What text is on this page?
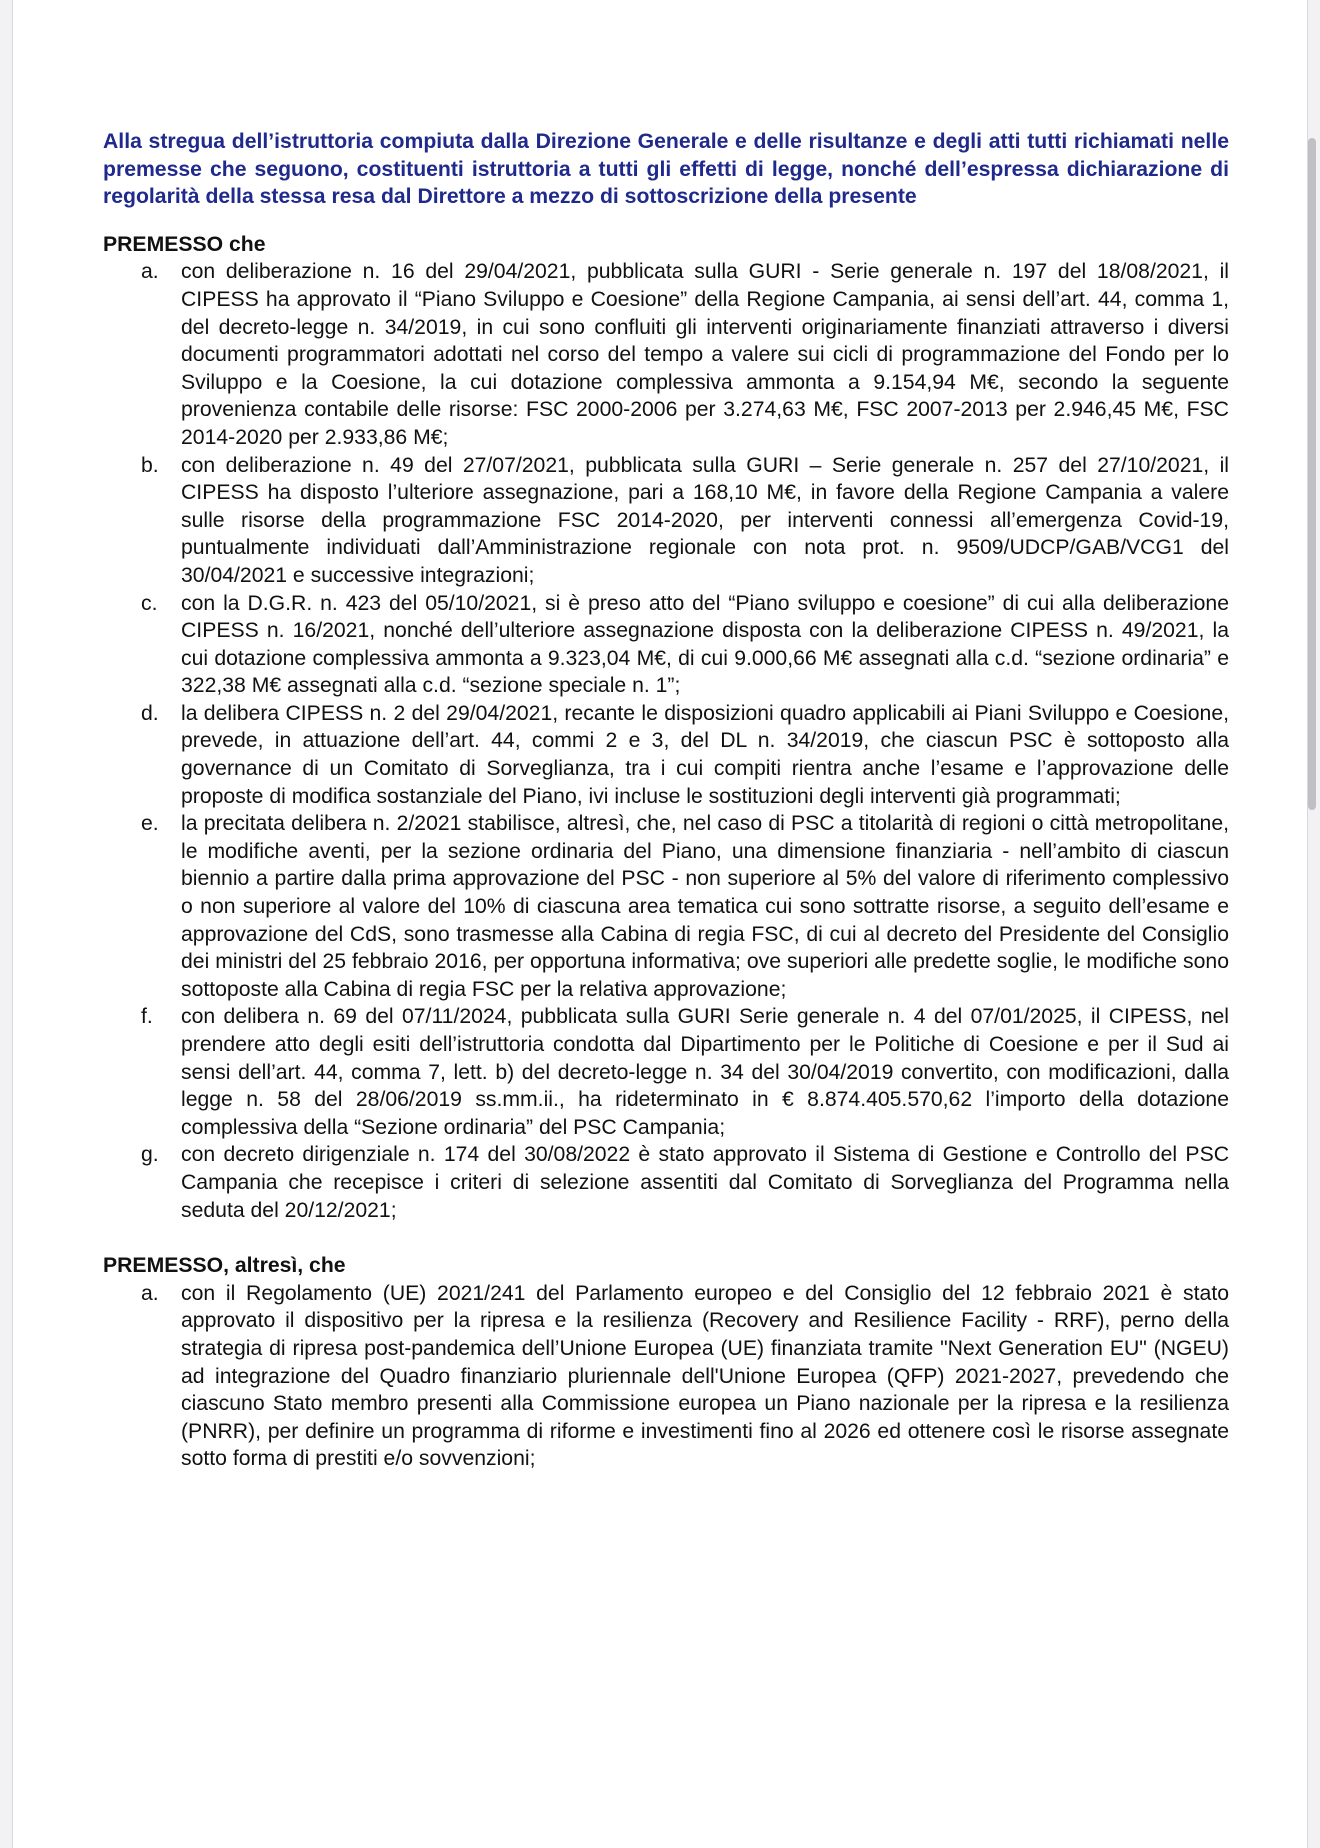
Alla stregua dell’istruttoria compiuta dalla Direzione Generale e delle risultanze e degli atti tutti richiamati nelle premesse che seguono, costituenti istruttoria a tutti gli effetti di legge, nonché dell’espressa dichiarazione di regolarità della stessa resa dal Direttore a mezzo di sottoscrizione della presente

PREMESSO che

a. con deliberazione n. 16 del 29/04/2021, pubblicata sulla GURI - Serie generale n. 197 del 18/08/2021, il CIPESS ha approvato il “Piano Sviluppo e Coesione” della Regione Campania, ai sensi dell’art. 44, comma 1, del decreto-legge n. 34/2019, in cui sono confluiti gli interventi originariamente finanziati attraverso i diversi documenti programmatori adottati nel corso del tempo a valere sui cicli di programmazione del Fondo per lo Sviluppo e la Coesione, la cui dotazione complessiva ammonta a 9.154,94 M€, secondo la seguente provenienza contabile delle risorse: FSC 2000-2006 per 3.274,63 M€, FSC 2007-2013 per 2.946,45 M€, FSC 2014-2020 per 2.933,86 M€;
b. con deliberazione n. 49 del 27/07/2021, pubblicata sulla GURI – Serie generale n. 257 del 27/10/2021, il CIPESS ha disposto l’ulteriore assegnazione, pari a 168,10 M€, in favore della Regione Campania a valere sulle risorse della programmazione FSC 2014-2020, per interventi connessi all’emergenza Covid-19, puntualmente individuati dall’Amministrazione regionale con nota prot. n. 9509/UDCP/GAB/VCG1 del 30/04/2021 e successive integrazioni;
c. con la D.G.R. n. 423 del 05/10/2021, si è preso atto del “Piano sviluppo e coesione” di cui alla deliberazione CIPESS n. 16/2021, nonché dell’ulteriore assegnazione disposta con la deliberazione CIPESS n. 49/2021, la cui dotazione complessiva ammonta a 9.323,04 M€, di cui 9.000,66 M€ assegnati alla c.d. “sezione ordinaria” e 322,38 M€ assegnati alla c.d. “sezione speciale n. 1”;
d. la delibera CIPESS n. 2 del 29/04/2021, recante le disposizioni quadro applicabili ai Piani Sviluppo e Coesione, prevede, in attuazione dell’art. 44, commi 2 e 3, del DL n. 34/2019, che ciascun PSC è sottoposto alla governance di un Comitato di Sorveglianza, tra i cui compiti rientra anche l’esame e l’approvazione delle proposte di modifica sostanziale del Piano, ivi incluse le sostituzioni degli interventi già programmati;
e. la precitata delibera n. 2/2021 stabilisce, altresì, che, nel caso di PSC a titolarità di regioni o città metropolitane, le modifiche aventi, per la sezione ordinaria del Piano, una dimensione finanziaria - nell’ambito di ciascun biennio a partire dalla prima approvazione del PSC - non superiore al 5% del valore di riferimento complessivo o non superiore al valore del 10% di ciascuna area tematica cui sono sottratte risorse, a seguito dell’esame e approvazione del CdS, sono trasmesse alla Cabina di regia FSC, di cui al decreto del Presidente del Consiglio dei ministri del 25 febbraio 2016, per opportuna informativa; ove superiori alle predette soglie, le modifiche sono sottoposte alla Cabina di regia FSC per la relativa approvazione;
f. con delibera n. 69 del 07/11/2024, pubblicata sulla GURI Serie generale n. 4 del 07/01/2025, il CIPESS, nel prendere atto degli esiti dell’istruttoria condotta dal Dipartimento per le Politiche di Coesione e per il Sud ai sensi dell’art. 44, comma 7, lett. b) del decreto-legge n. 34 del 30/04/2019 convertito, con modificazioni, dalla legge n. 58 del 28/06/2019 ss.mm.ii., ha rideterminato in € 8.874.405.570,62 l’importo della dotazione complessiva della “Sezione ordinaria” del PSC Campania;
g. con decreto dirigenziale n. 174 del 30/08/2022 è stato approvato il Sistema di Gestione e Controllo del PSC Campania che recepisce i criteri di selezione assentiti dal Comitato di Sorveglianza del Programma nella seduta del 20/12/2021;

PREMESSO, altresì, che

a. con il Regolamento (UE) 2021/241 del Parlamento europeo e del Consiglio del 12 febbraio 2021 è stato approvato il dispositivo per la ripresa e la resilienza (Recovery and Resilience Facility - RRF), perno della strategia di ripresa post-pandemica dell’Unione Europea (UE) finanziata tramite "Next Generation EU" (NGEU) ad integrazione del Quadro finanziario pluriennale dell'Unione Europea (QFP) 2021-2027, prevedendo che ciascuno Stato membro presenti alla Commissione europea un Piano nazionale per la ripresa e la resilienza (PNRR), per definire un programma di riforme e investimenti fino al 2026 ed ottenere così le risorse assegnate sotto forma di prestiti e/o sovvenzioni;
